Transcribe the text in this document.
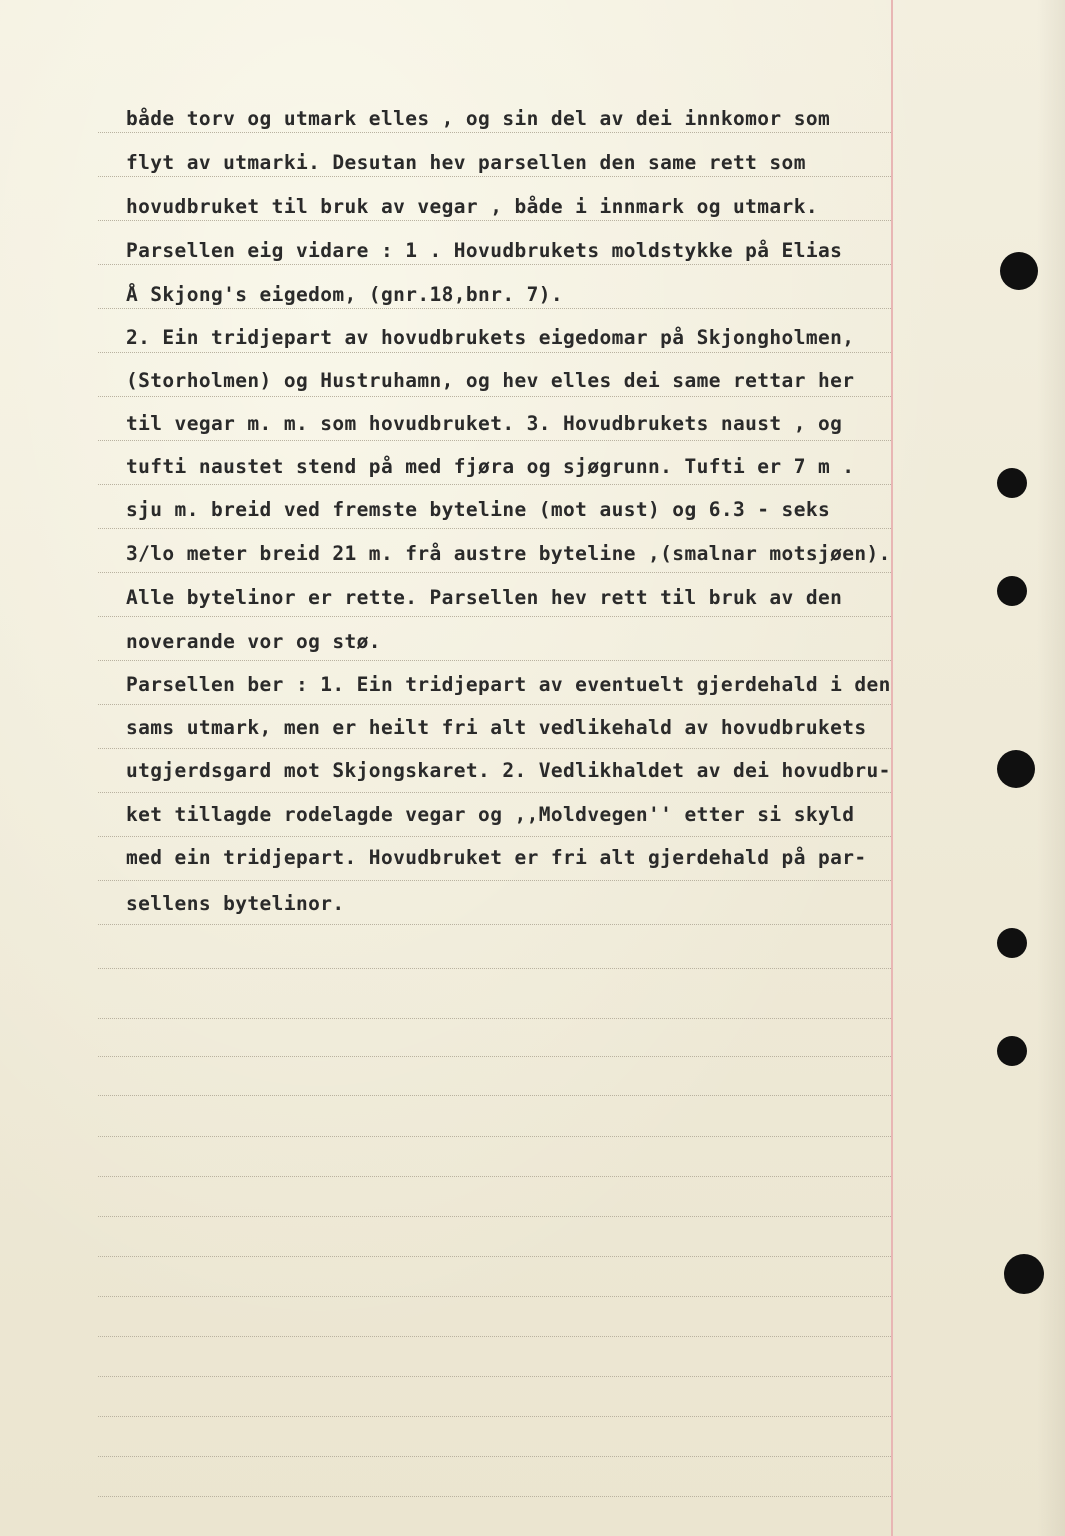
både torv og utmark elles , og sin del av dei innkomor som

flyt av utmarki. Desutan hev parsellen den same rett som

hovudbruket til bruk av vegar , både i innmark og utmark.

Parsellen eig vidare : 1 . Hovudbrukets moldstykke på Elias

Å Skjong's eigedom, (gnr.18,bnr. 7).

2. Ein tridjepart av hovudbrukets eigedomar på Skjongholmen,

(Storholmen) og Hustruhamn, og hev elles dei same rettar her

til vegar m. m. som hovudbruket. 3. Hovudbrukets naust , og

tufti naustet stend på med fjøra og sjøgrunn. Tufti er 7 m .

sju m. breid ved fremste byteline (mot aust) og 6.3 - seks

3/lo meter breid 21 m. frå austre byteline ,(smalnar motsjøen).

Alle bytelinor er rette. Parsellen hev rett til bruk av den

noverande vor og stø.

Parsellen ber : 1. Ein tridjepart av eventuelt gjerdehald i den

sams utmark, men er heilt fri alt vedlikehald av hovudbrukets

utgjerdsgard mot Skjongskaret. 2. Vedlikhaldet av dei hovudbru-

ket tillagde rodelagde vegar og ,,Moldvegen'' etter si skyld

med ein tridjepart. Hovudbruket er fri alt gjerdehald på par-

sellens bytelinor.
